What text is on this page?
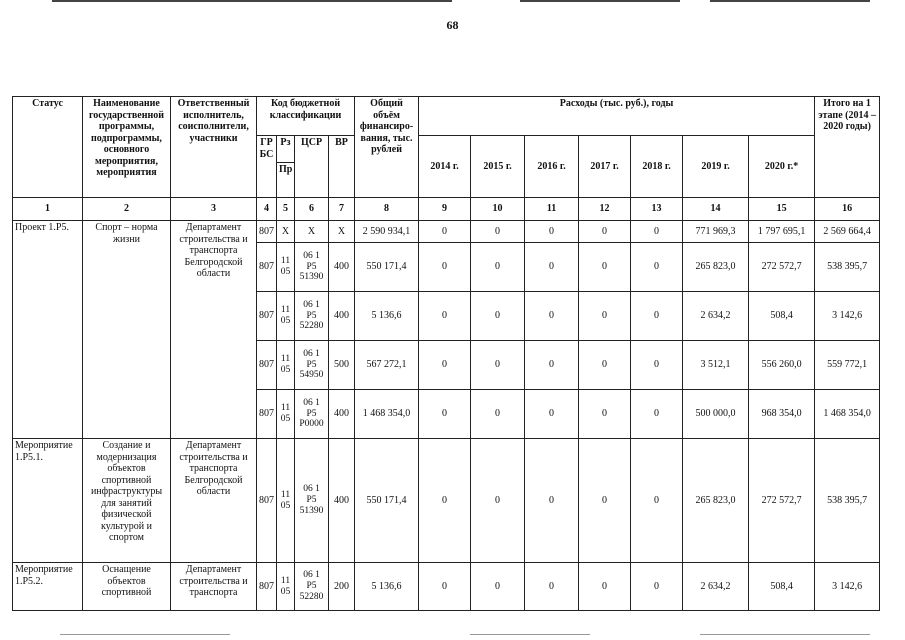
68
Статус	Наименование государственной программы, подпрограммы, основного мероприятия, мероприятия	Ответственный исполнитель, соисполнители, участники	Код бюджетной классификации				Общий объём финансиро-вания, тыс. рублей	Расходы (тыс. руб.), годы							Итого на 1 этапе (2014 – 2020 годы)
			ГР БС	Рз	ЦСР	ВР		2014 г.	2015 г.	2016 г.	2017 г.	2018 г.	2019 г.	2020 г.*	
				Пр											
1	2	3	4	5	6	7	8	9	10	11	12	13	14	15	16
Проект 1.Р5.	Спорт – норма жизни	Департамент строительства и транспорта Белгородской области	807	X	X	X	2 590 934,1	0	0	0	0	0	771 969,3	1 797 695,1	2 569 664,4
			807	11 05	06 1 Р5 51390	400	550 171,4	0	0	0	0	0	265 823,0	272 572,7	538 395,7
			807	11 05	06 1 Р5 52280	400	5 136,6	0	0	0	0	0	2 634,2	508,4	3 142,6
			807	11 05	06 1 Р5 54950	500	567 272,1	0	0	0	0	0	3 512,1	556 260,0	559 772,1
			807	11 05	06 1 Р5 Р0000	400	1 468 354,0	0	0	0	0	0	500 000,0	968 354,0	1 468 354,0
Мероприятие 1.Р5.1.	Создание и модернизация объектов спортивной инфраструктуры для занятий физической культурой и спортом	Департамент строительства и транспорта Белгородской области	807	11 05	06 1 Р5 51390	400	550 171,4	0	0	0	0	0	265 823,0	272 572,7	538 395,7
Мероприятие 1.Р5.2.	Оснащение объектов спортивной	Департамент строительства и транспорта	807	11 05	06 1 Р5 52280	200	5 136,6	0	0	0	0	0	2 634,2	508,4	3 142,6
